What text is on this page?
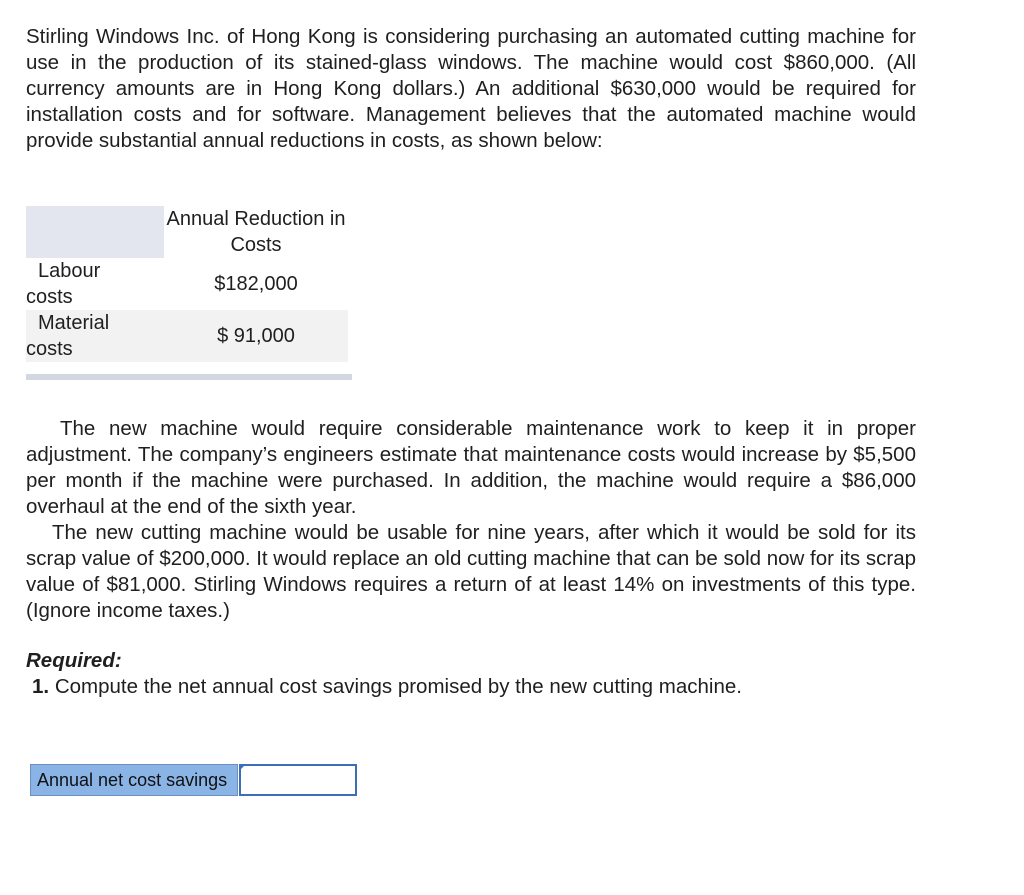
Stirling Windows Inc. of Hong Kong is considering purchasing an automated cutting machine for use in the production of its stained-glass windows. The machine would cost $860,000. (All currency amounts are in Hong Kong dollars.) An additional $630,000 would be required for installation costs and for software. Management believes that the automated machine would provide substantial annual reductions in costs, as shown below:

Annual Reduction in Costs
Labour costs
$182,000
Material costs
$ 91,000

The new machine would require considerable maintenance work to keep it in proper adjustment. The company’s engineers estimate that maintenance costs would increase by $5,500 per month if the machine were purchased. In addition, the machine would require a $86,000 overhaul at the end of the sixth year.

The new cutting machine would be usable for nine years, after which it would be sold for its scrap value of $200,000. It would replace an old cutting machine that can be sold now for its scrap value of $81,000. Stirling Windows requires a return of at least 14% on investments of this type. (Ignore income taxes.)

Required:

1. Compute the net annual cost savings promised by the new cutting machine.

Annual net cost savings
